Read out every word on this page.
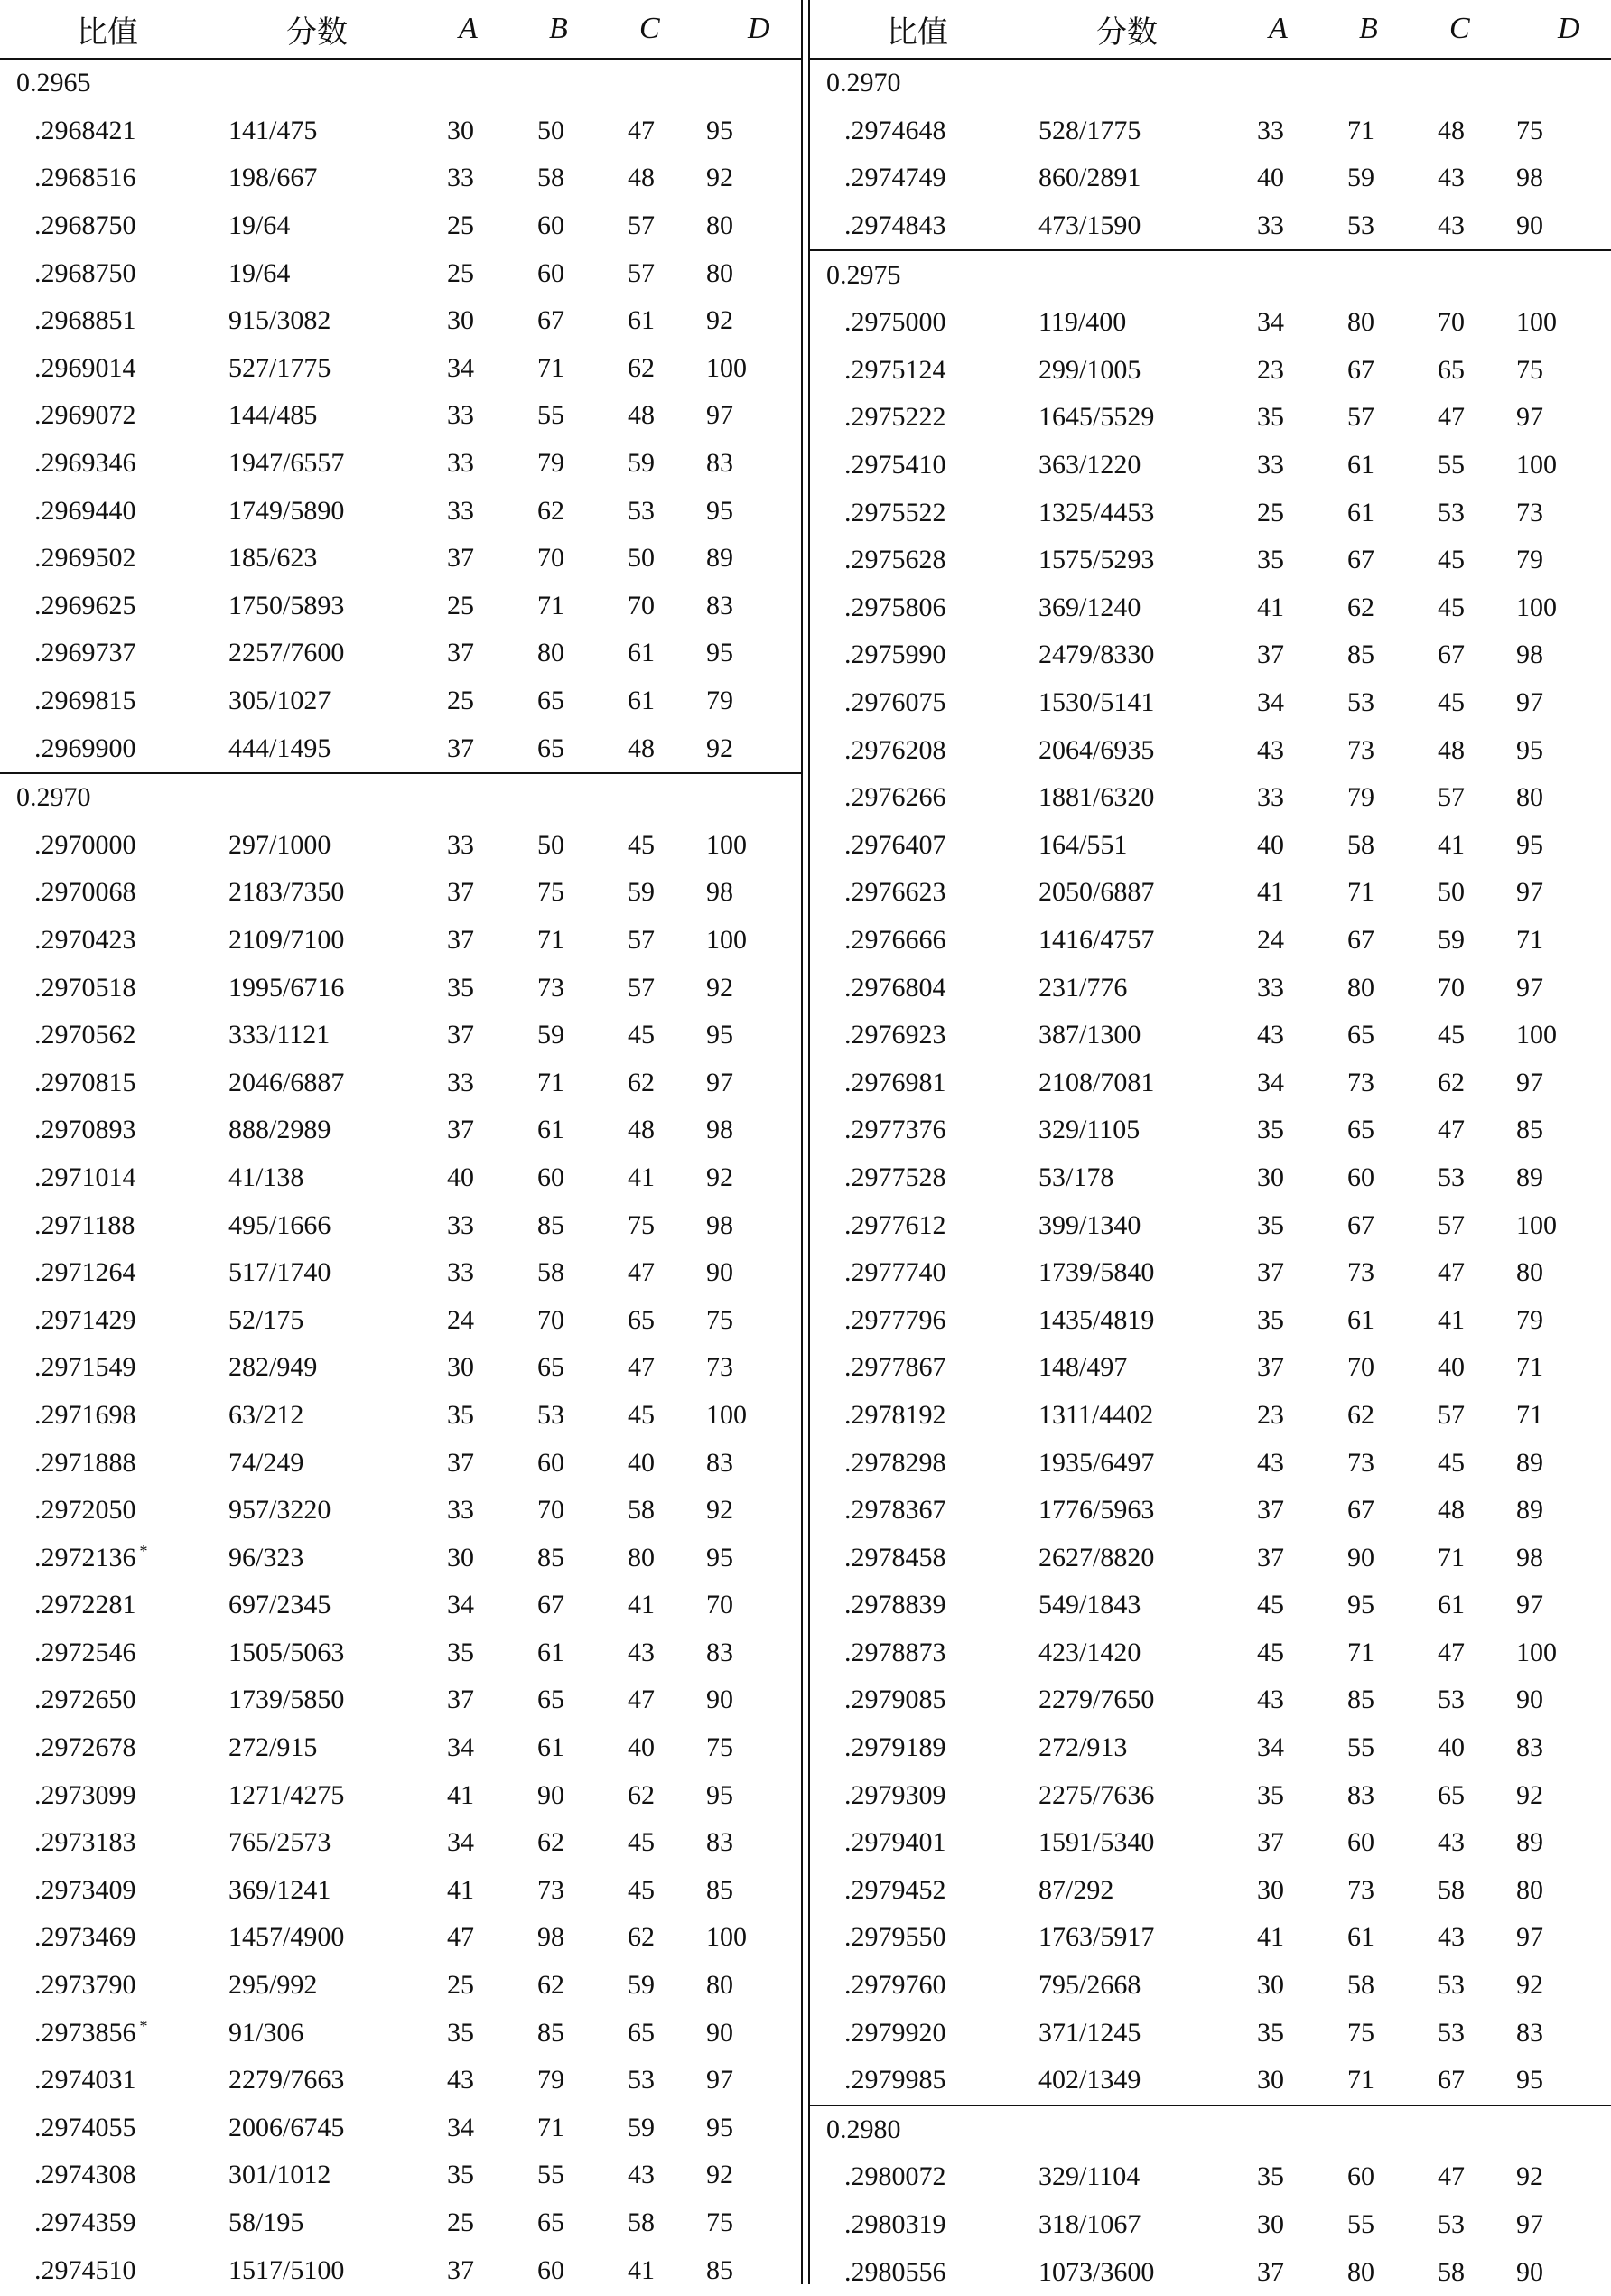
比值	分数	A	B	C	D
0.2965
.2968421	141/475	30	50	47	95
.2968516	198/667	33	58	48	92
.2968750	19/64	25	60	57	80
.2968750	19/64	25	60	57	80
.2968851	915/3082	30	67	61	92
.2969014	527/1775	34	71	62	100
.2969072	144/485	33	55	48	97
.2969346	1947/6557	33	79	59	83
.2969440	1749/5890	33	62	53	95
.2969502	185/623	37	70	50	89
.2969625	1750/5893	25	71	70	83
.2969737	2257/7600	37	80	61	95
.2969815	305/1027	25	65	61	79
.2969900	444/1495	37	65	48	92
0.2970
.2970000	297/1000	33	50	45	100
.2970068	2183/7350	37	75	59	98
.2970423	2109/7100	37	71	57	100
.2970518	1995/6716	35	73	57	92
.2970562	333/1121	37	59	45	95
.2970815	2046/6887	33	71	62	97
.2970893	888/2989	37	61	48	98
.2971014	41/138	40	60	41	92
.2971188	495/1666	33	85	75	98
.2971264	517/1740	33	58	47	90
.2971429	52/175	24	70	65	75
.2971549	282/949	30	65	47	73
.2971698	63/212	35	53	45	100
.2971888	74/249	37	60	40	83
.2972050	957/3220	33	70	58	92
.2972136 *	96/323	30	85	80	95
.2972281	697/2345	34	67	41	70
.2972546	1505/5063	35	61	43	83
.2972650	1739/5850	37	65	47	90
.2972678	272/915	34	61	40	75
.2973099	1271/4275	41	90	62	95
.2973183	765/2573	34	62	45	83
.2973409	369/1241	41	73	45	85
.2973469	1457/4900	47	98	62	100
.2973790	295/992	25	62	59	80
.2973856 *	91/306	35	85	65	90
.2974031	2279/7663	43	79	53	97
.2974055	2006/6745	34	71	59	95
.2974308	301/1012	35	55	43	92
.2974359	58/195	25	65	58	75
.2974510	1517/5100	37	60	41	85
比值	分数	A	B	C	D
0.2970
.2974648	528/1775	33	71	48	75
.2974749	860/2891	40	59	43	98
.2974843	473/1590	33	53	43	90
0.2975
.2975000	119/400	34	80	70	100
.2975124	299/1005	23	67	65	75
.2975222	1645/5529	35	57	47	97
.2975410	363/1220	33	61	55	100
.2975522	1325/4453	25	61	53	73
.2975628	1575/5293	35	67	45	79
.2975806	369/1240	41	62	45	100
.2975990	2479/8330	37	85	67	98
.2976075	1530/5141	34	53	45	97
.2976208	2064/6935	43	73	48	95
.2976266	1881/6320	33	79	57	80
.2976407	164/551	40	58	41	95
.2976623	2050/6887	41	71	50	97
.2976666	1416/4757	24	67	59	71
.2976804	231/776	33	80	70	97
.2976923	387/1300	43	65	45	100
.2976981	2108/7081	34	73	62	97
.2977376	329/1105	35	65	47	85
.2977528	53/178	30	60	53	89
.2977612	399/1340	35	67	57	100
.2977740	1739/5840	37	73	47	80
.2977796	1435/4819	35	61	41	79
.2977867	148/497	37	70	40	71
.2978192	1311/4402	23	62	57	71
.2978298	1935/6497	43	73	45	89
.2978367	1776/5963	37	67	48	89
.2978458	2627/8820	37	90	71	98
.2978839	549/1843	45	95	61	97
.2978873	423/1420	45	71	47	100
.2979085	2279/7650	43	85	53	90
.2979189	272/913	34	55	40	83
.2979309	2275/7636	35	83	65	92
.2979401	1591/5340	37	60	43	89
.2979452	87/292	30	73	58	80
.2979550	1763/5917	41	61	43	97
.2979760	795/2668	30	58	53	92
.2979920	371/1245	35	75	53	83
.2979985	402/1349	30	71	67	95
0.2980
.2980072	329/1104	35	60	47	92
.2980319	318/1067	30	55	53	97
.2980556	1073/3600	37	80	58	90
